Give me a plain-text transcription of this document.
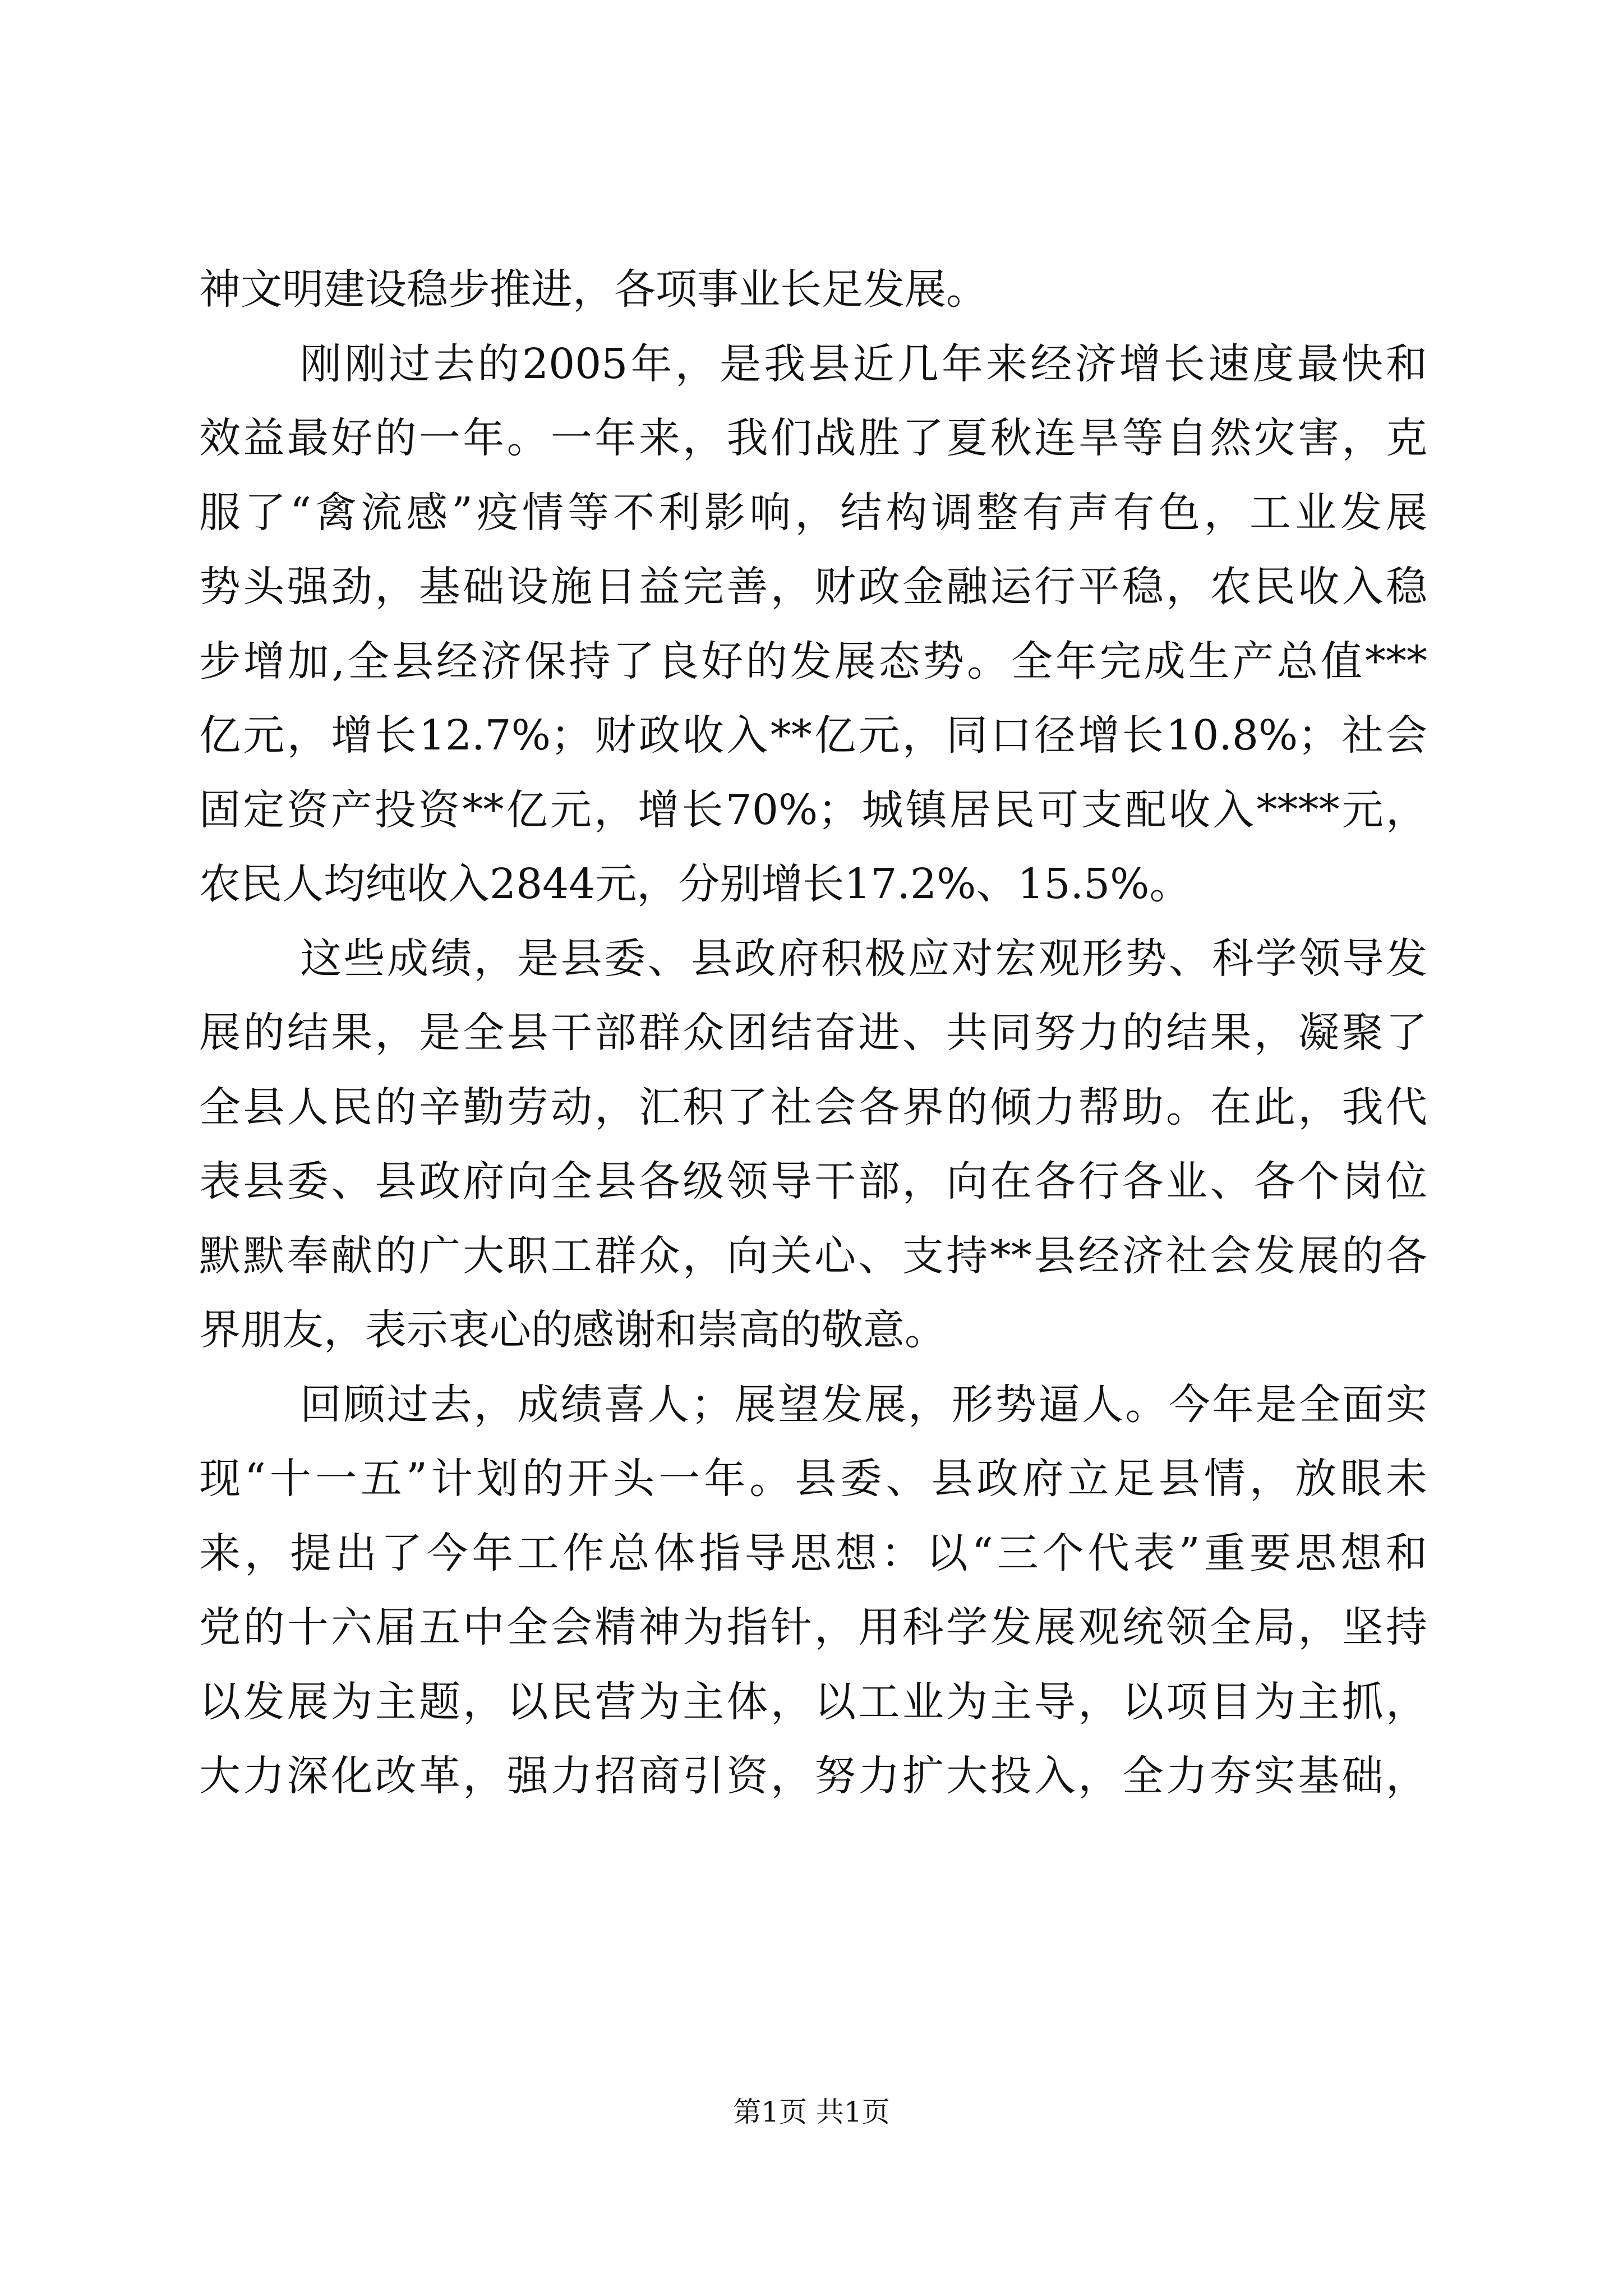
神文明建设稳步推进，各项事业长足发展。
刚刚过去的2005年，是我县近几年来经济增长速度最快和
效益最好的一年。一年来，我们战胜了夏秋连旱等自然灾害，克
服了“禽流感”疫情等不利影响，结构调整有声有色，工业发展
势头强劲，基础设施日益完善，财政金融运行平稳，农民收入稳
步增加,全县经济保持了良好的发展态势。全年完成生产总值***
亿元，增长12.7%；财政收入**亿元，同口径增长10.8%；社会
固定资产投资**亿元，增长70%；城镇居民可支配收入****元，
农民人均纯收入2844元，分别增长17.2%、15.5%。
这些成绩，是县委、县政府积极应对宏观形势、科学领导发
展的结果，是全县干部群众团结奋进、共同努力的结果，凝聚了
全县人民的辛勤劳动，汇积了社会各界的倾力帮助。在此，我代
表县委、县政府向全县各级领导干部，向在各行各业、各个岗位
默默奉献的广大职工群众，向关心、支持**县经济社会发展的各
界朋友，表示衷心的感谢和崇高的敬意。
回顾过去，成绩喜人；展望发展，形势逼人。今年是全面实
现“十一五”计划的开头一年。县委、县政府立足县情，放眼未
来，提出了今年工作总体指导思想：以“三个代表”重要思想和
党的十六届五中全会精神为指针，用科学发展观统领全局，坚持
以发展为主题，以民营为主体，以工业为主导，以项目为主抓，
大力深化改革，强力招商引资，努力扩大投入，全力夯实基础，
第1页 共1页
